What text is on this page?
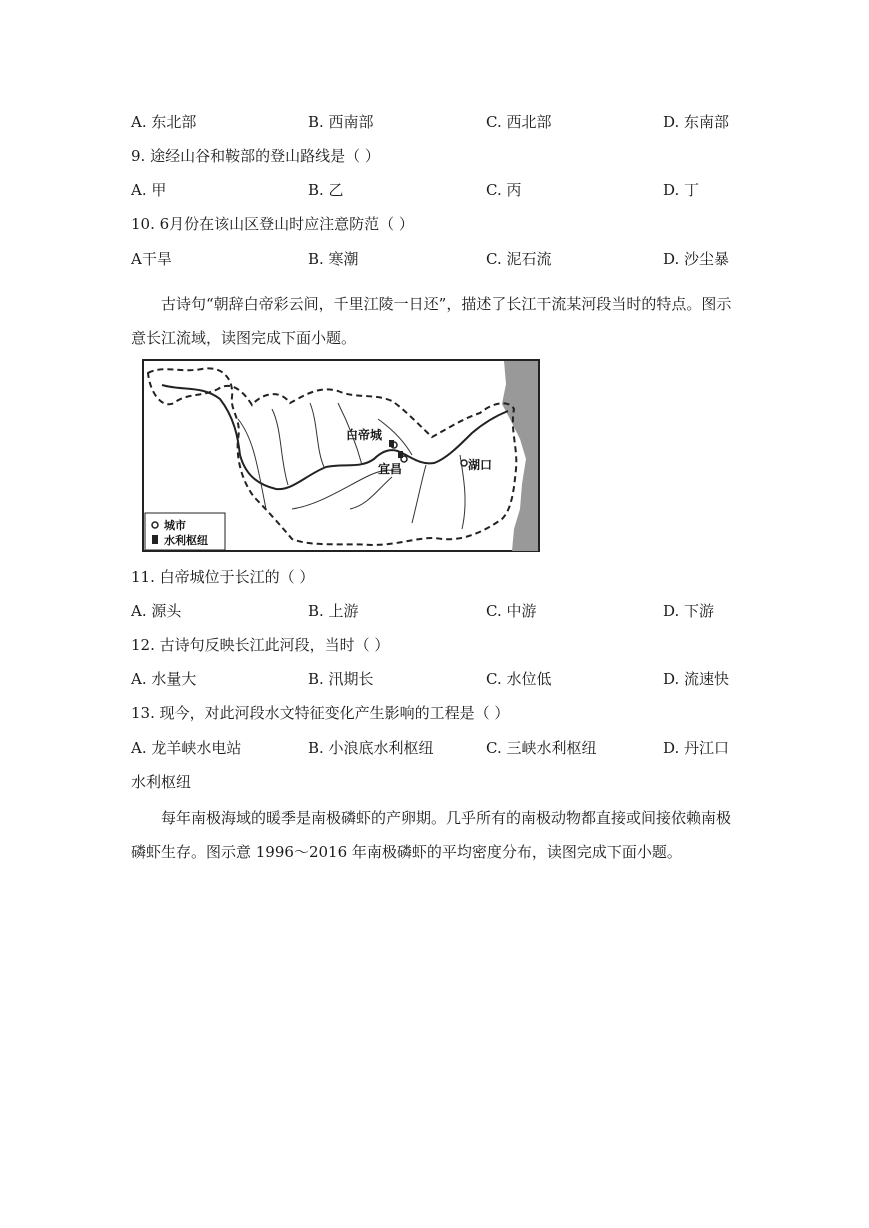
A. 东北部	B. 西南部	C. 西北部	D. 东南部
9. 途经山谷和鞍部的登山路线是（ ）
A. 甲	B. 乙	C. 丙	D. 丁
10. 6月份在该山区登山时应注意防范（ ）
A干旱	B. 寒潮	C. 泥石流	D. 沙尘暴
古诗句“朝辞白帝彩云间，千里江陵一日还”，描述了长江干流某河段当时的特点。图示意长江流域，读图完成下面小题。
白帝城
宜昌	湖口
城市
水利枢纽
11. 白帝城位于长江的（ ）
A. 源头	B. 上游	C. 中游	D. 下游
12. 古诗句反映长江此河段，当时（ ）
A. 水量大	B. 汛期长	C. 水位低	D. 流速快
13. 现今，对此河段水文特征变化产生影响的工程是（ ）
A. 龙羊峡水电站	B. 小浪底水利枢纽	C. 三峡水利枢纽	D. 丹江口
水利枢纽
每年南极海域的暖季是南极磷虾的产卵期。几乎所有的南极动物都直接或间接依赖南极磷虾生存。图示意 1996～2016 年南极磷虾的平均密度分布，读图完成下面小题。
